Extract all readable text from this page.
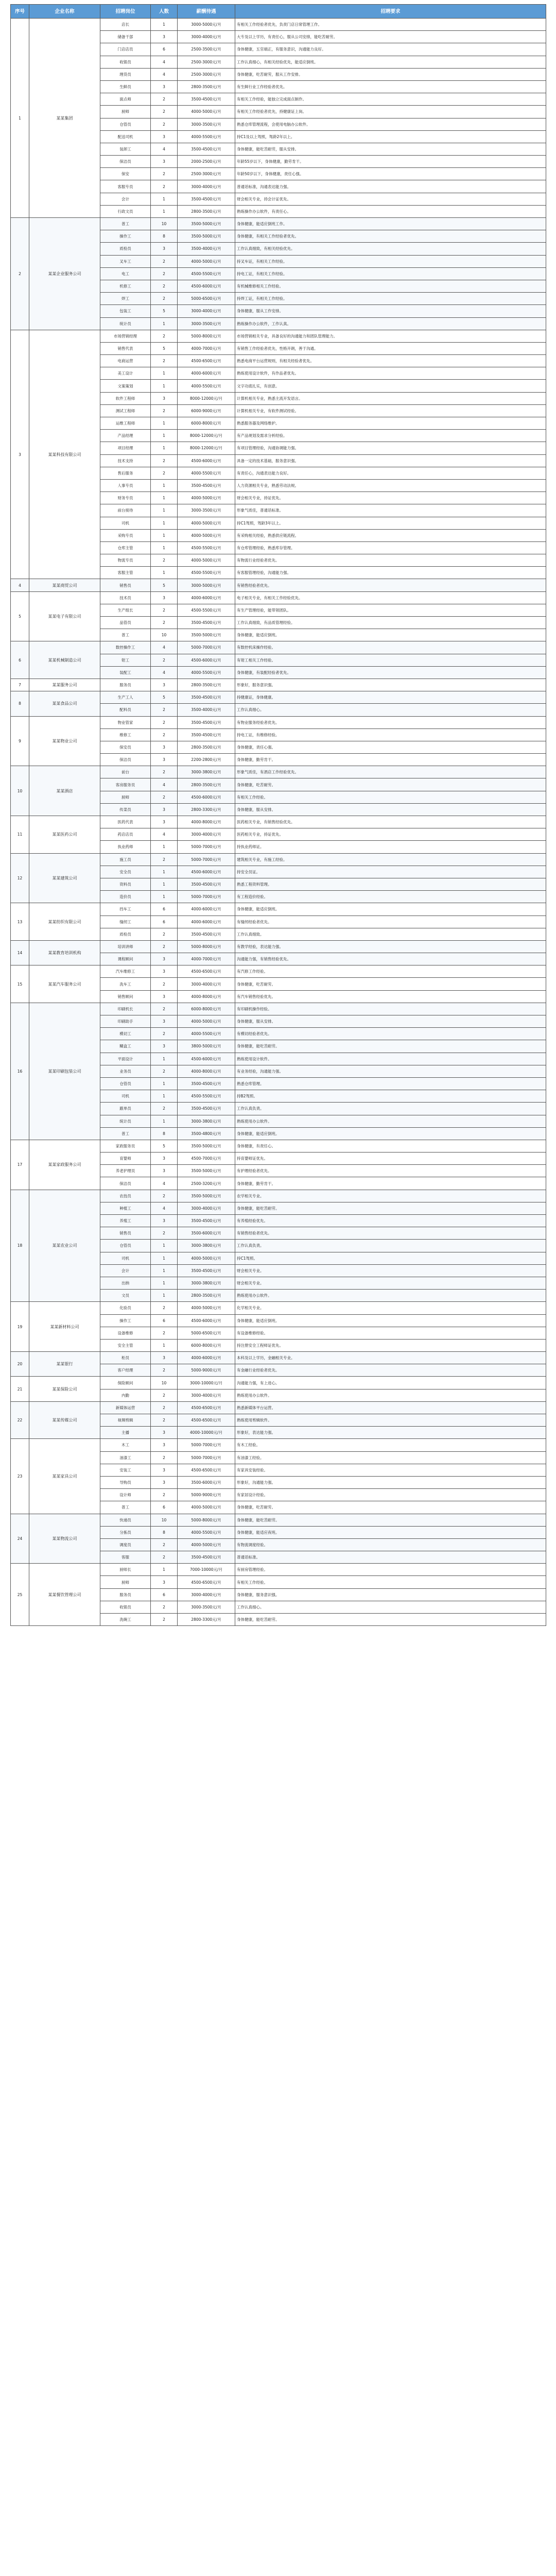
序号	企业名称	招聘岗位	人数	薪酬待遇	招聘要求
1	某某集团	店长	1	3000-5000元/月	有相关工作经验者优先，负责门店日常管理工作。
		储备干部	3	3000-4000元/月	大专及以上学历，有责任心，服从公司安排，能吃苦耐劳。
		门店店员	6	2500-3500元/月	身体健康，五官端正，有服务意识，沟通能力良好。
		收银员	4	2500-3000元/月	工作认真细心，有相关经验优先，能适应倒班。
		理货员	4	2500-3000元/月	身体健康，吃苦耐劳，服从工作安排。
		生鲜员	3	2800-3500元/月	有生鲜行业工作经验者优先。
		面点师	2	3500-4500元/月	有相关工作经验，能独立完成面点制作。
		厨师	2	4000-5000元/月	有相关工作经验者优先，持健康证上岗。
		仓管员	2	3000-3500元/月	熟悉仓库管理流程，会使用电脑办公软件。
		配送司机	3	4000-5500元/月	持C1及以上驾照，驾龄2年以上。
		装卸工	4	3500-4500元/月	身体健康，能吃苦耐劳，服从安排。
		保洁员	3	2000-2500元/月	年龄55岁以下，身体健康，勤劳肯干。
		保安	2	2500-3000元/月	年龄50岁以下，身体健康，责任心强。
		客服专员	2	3000-4000元/月	普通话标准，沟通表达能力强。
		会计	1	3500-4500元/月	财会相关专业，持会计证优先。
		行政文员	1	2800-3500元/月	熟练操作办公软件，有责任心。
2	某某企业服务公司	普工	10	3500-5000元/月	身体健康，能适应倒班工作。
		操作工	8	3500-5000元/月	身体健康，有相关工作经验者优先。
		质检员	3	3500-4000元/月	工作认真细致，有相关经验优先。
		叉车工	2	4000-5000元/月	持叉车证，有相关工作经验。
		电工	2	4500-5500元/月	持电工证，有相关工作经验。
		机修工	2	4500-6000元/月	有机械维修相关工作经验。
		焊工	2	5000-6500元/月	持焊工证，有相关工作经验。
		包装工	5	3000-4000元/月	身体健康，服从工作安排。
		统计员	1	3000-3500元/月	熟练操作办公软件，工作认真。
3	某某科技有限公司	市场营销经理	2	5000-8000元/月	市场营销相关专业，具备良好的沟通能力和团队管理能力。
		销售代表	5	4000-7000元/月	有销售工作经验者优先，性格开朗，善于沟通。
		电商运营	2	4500-6500元/月	熟悉电商平台运营规则，有相关经验者优先。
		美工设计	1	4000-6000元/月	熟练使用设计软件，有作品者优先。
		文案策划	1	4000-5500元/月	文字功底扎实，有创意。
		软件工程师	3	8000-12000元/月	计算机相关专业，熟悉主流开发语言。
		测试工程师	2	6000-9000元/月	计算机相关专业，有软件测试经验。
		运维工程师	1	6000-8000元/月	熟悉服务器及网络维护。
		产品经理	1	8000-12000元/月	有产品规划及需求分析经验。
		项目经理	1	8000-12000元/月	有项目管理经验，沟通协调能力强。
		技术支持	2	4500-6000元/月	具备一定的技术基础，服务意识强。
		售后服务	2	4000-5500元/月	有责任心，沟通表达能力良好。
		人事专员	1	3500-4500元/月	人力资源相关专业，熟悉劳动法规。
		财务专员	1	4000-5000元/月	财会相关专业，持证优先。
		前台接待	1	3000-3500元/月	形象气质佳，普通话标准。
		司机	1	4000-5000元/月	持C1驾照，驾龄3年以上。
		采购专员	1	4000-5000元/月	有采购相关经验，熟悉供应链流程。
		仓库主管	1	4500-5500元/月	有仓库管理经验，熟悉库存管理。
		物流专员	2	4000-5000元/月	有物流行业经验者优先。
		客服主管	1	4500-5500元/月	有客服管理经验，沟通能力强。
4	某某商贸公司	销售员	5	3000-5000元/月	有销售经验者优先。
5	某某电子有限公司	技术员	3	4000-6000元/月	电子相关专业，有相关工作经验优先。
		生产组长	2	4500-5500元/月	有生产管理经验，能带领团队。
		品管员	2	3500-4500元/月	工作认真细致，有品质管理经验。
		普工	10	3500-5000元/月	身体健康，能适应倒班。
6	某某机械制造公司	数控操作工	4	5000-7000元/月	有数控机床操作经验。
		钳工	2	4500-6000元/月	有钳工相关工作经验。
		装配工	4	4000-5500元/月	身体健康，有装配经验者优先。
7	某某服务公司	服务员	3	2800-3500元/月	形象好，服务意识强。
8	某某食品公司	生产工人	5	3500-4500元/月	持健康证，身体健康。
		配料员	2	3500-4000元/月	工作认真细心。
9	某某物业公司	物业管家	2	3500-4500元/月	有物业服务经验者优先。
		维修工	2	3500-4500元/月	持电工证，有维修经验。
		保安员	3	2800-3500元/月	身体健康，责任心强。
		保洁员	3	2200-2800元/月	身体健康，勤劳肯干。
10	某某酒店	前台	2	3000-3800元/月	形象气质佳，有酒店工作经验优先。
		客房服务员	4	2800-3500元/月	身体健康，吃苦耐劳。
		厨师	2	4500-6000元/月	有相关工作经验。
		传菜员	3	2800-3300元/月	身体健康，服从安排。
11	某某医药公司	医药代表	3	4000-8000元/月	医药相关专业，有销售经验优先。
		药店店员	4	3000-4000元/月	医药相关专业，持证优先。
		执业药师	1	5000-7000元/月	持执业药师证。
12	某某建筑公司	施工员	2	5000-7000元/月	建筑相关专业，有施工经验。
		安全员	1	4500-6000元/月	持安全员证。
		资料员	1	3500-4500元/月	熟悉工程资料管理。
		造价员	1	5000-7000元/月	有工程造价经验。
13	某某纺织有限公司	挡车工	6	4000-6000元/月	身体健康，能适应倒班。
		缝纫工	6	4000-6000元/月	有缝纫经验者优先。
		质检员	2	3500-4500元/月	工作认真细致。
14	某某教育培训机构	培训讲师	2	5000-8000元/月	有教学经验，表达能力强。
		课程顾问	3	4000-7000元/月	沟通能力强，有销售经验优先。
15	某某汽车服务公司	汽车维修工	3	4500-6500元/月	有汽修工作经验。
		洗车工	2	3000-4000元/月	身体健康，吃苦耐劳。
		销售顾问	3	4000-8000元/月	有汽车销售经验优先。
16	某某印刷包装公司	印刷机长	2	6000-8000元/月	有印刷机操作经验。
		印刷助手	3	4000-5000元/月	身体健康，服从安排。
		模切工	2	4000-5500元/月	有模切经验者优先。
		糊盒工	3	3800-5000元/月	身体健康，能吃苦耐劳。
		平面设计	1	4500-6000元/月	熟练使用设计软件。
		业务员	2	4000-8000元/月	有业务经验，沟通能力强。
		仓管员	1	3500-4500元/月	熟悉仓库管理。
		司机	1	4500-5500元/月	持B2驾照。
		跟单员	2	3500-4500元/月	工作认真负责。
		统计员	1	3000-3800元/月	熟练使用办公软件。
		普工	8	3500-4800元/月	身体健康，能适应倒班。
17	某某家政服务公司	家政服务员	5	3500-5000元/月	身体健康，有责任心。
		育婴师	3	4500-7000元/月	持育婴师证优先。
		养老护理员	3	3500-5000元/月	有护理经验者优先。
		保洁员	4	2500-3200元/月	身体健康，勤劳肯干。
18	某某农业公司	农技员	2	3500-5000元/月	农学相关专业。
		种植工	4	3000-4000元/月	身体健康，能吃苦耐劳。
		养殖工	3	3500-4500元/月	有养殖经验优先。
		销售员	2	3500-6000元/月	有销售经验者优先。
		仓管员	1	3000-3800元/月	工作认真负责。
		司机	1	4000-5000元/月	持C1驾照。
		会计	1	3500-4500元/月	财会相关专业。
		出纳	1	3000-3800元/月	财会相关专业。
		文员	1	2800-3500元/月	熟练使用办公软件。
19	某某新材料公司	化验员	2	4000-5000元/月	化学相关专业。
		操作工	6	4500-6000元/月	身体健康，能适应倒班。
		设备维修	2	5000-6500元/月	有设备维修经验。
		安全主管	1	6000-8000元/月	持注册安全工程师证优先。
20	某某银行	柜员	3	4000-6000元/月	本科及以上学历，金融相关专业。
		客户经理	2	5000-9000元/月	有金融行业经验者优先。
21	某某保险公司	保险顾问	10	3000-10000元/月	沟通能力强，有上进心。
		内勤	2	3000-4000元/月	熟练使用办公软件。
22	某某传媒公司	新媒体运营	2	4500-6500元/月	熟悉新媒体平台运营。
		视频剪辑	2	4500-6500元/月	熟练使用剪辑软件。
		主播	3	4000-10000元/月	形象好，表达能力强。
23	某某家具公司	木工	3	5000-7000元/月	有木工经验。
		油漆工	2	5000-7000元/月	有油漆工经验。
		安装工	3	4500-6500元/月	有家具安装经验。
		导购员	3	3500-6000元/月	形象好，沟通能力强。
		设计师	2	5000-9000元/月	有家居设计经验。
		普工	6	4000-5000元/月	身体健康，吃苦耐劳。
24	某某物流公司	快递员	10	5000-8000元/月	身体健康，能吃苦耐劳。
		分拣员	8	4000-5500元/月	身体健康，能适应夜班。
		调度员	2	4000-5000元/月	有物流调度经验。
		客服	2	3500-4500元/月	普通话标准。
25	某某餐饮管理公司	厨师长	1	7000-10000元/月	有厨房管理经验。
		厨师	3	4500-6500元/月	有相关工作经验。
		服务员	6	3000-4000元/月	身体健康，服务意识强。
		收银员	2	3000-3500元/月	工作认真细心。
		洗碗工	2	2800-3300元/月	身体健康，能吃苦耐劳。
